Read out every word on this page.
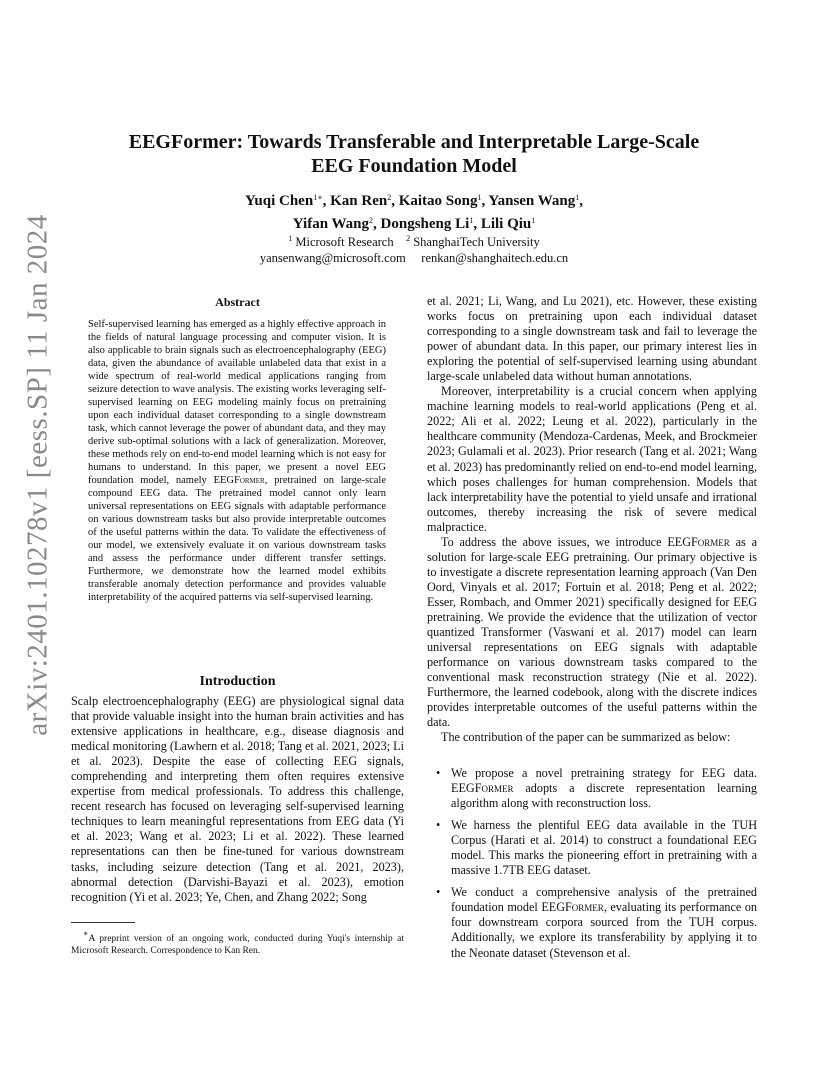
arXiv:2401.10278v1 [eess.SP] 11 Jan 2024
EEGFormer: Towards Transferable and Interpretable Large-Scale
EEG Foundation Model
Yuqi Chen$^{1∗}$, Kan Ren$^2$, Kaitao Song$^1$, Yansen Wang$^1$,
Yifan Wang$^2$, Dongsheng Li$^1$, Lili Qiu$^1$
$^1$ Microsoft Research $^2$ ShanghaiTech University
yansenwang@microsoft.com     renkan@shanghaitech.edu.cn
Abstract
Self-supervised learning has emerged as a highly effective approach in the fields of natural language processing and computer vision. It is also applicable to brain signals such as electroencephalography (EEG) data, given the abundance of available unlabeled data that exist in a wide spectrum of real-world medical applications ranging from seizure detection to wave analysis. The existing works leveraging self-supervised learning on EEG modeling mainly focus on pretraining upon each individual dataset corresponding to a single downstream task, which cannot leverage the power of abundant data, and they may derive sub-optimal solutions with a lack of generalization. Moreover, these methods rely on end-to-end model learning which is not easy for humans to understand. In this paper, we present a novel EEG foundation model, namely EEGFormer, pretrained on large-scale compound EEG data. The pretrained model cannot only learn universal representations on EEG signals with adaptable performance on various downstream tasks but also provide interpretable outcomes of the useful patterns within the data. To validate the effectiveness of our model, we extensively evaluate it on various downstream tasks and assess the performance under different transfer settings. Furthermore, we demonstrate how the learned model exhibits transferable anomaly detection performance and provides valuable interpretability of the acquired patterns via self-supervised learning.
Introduction
Scalp electroencephalography (EEG) are physiological signal data that provide valuable insight into the human brain activities and has extensive applications in healthcare, e.g., disease diagnosis and medical monitoring (Lawhern et al. 2018; Tang et al. 2021, 2023; Li et al. 2023). Despite the ease of collecting EEG signals, comprehending and interpreting them often requires extensive expertise from medical professionals. To address this challenge, recent research has focused on leveraging self-supervised learning techniques to learn meaningful representations from EEG data (Yi et al. 2023; Wang et al. 2023; Li et al. 2022). These learned representations can then be fine-tuned for various downstream tasks, including seizure detection (Tang et al. 2021, 2023), abnormal detection (Darvishi-Bayazi et al. 2023), emotion recognition (Yi et al. 2023; Ye, Chen, and Zhang 2022; Song
∗A preprint version of an ongoing work, conducted during Yuqi's internship at Microsoft Research. Correspondence to Kan Ren.

et al. 2021; Li, Wang, and Lu 2021), etc. However, these existing works focus on pretraining upon each individual dataset corresponding to a single downstream task and fail to leverage the power of abundant data. In this paper, our primary interest lies in exploring the potential of self-supervised learning using abundant large-scale unlabeled data without human annotations.

Moreover, interpretability is a crucial concern when applying machine learning models to real-world applications (Peng et al. 2022; Ali et al. 2022; Leung et al. 2022), particularly in the healthcare community (Mendoza-Cardenas, Meek, and Brockmeier 2023; Gulamali et al. 2023). Prior research (Tang et al. 2021; Wang et al. 2023) has predominantly relied on end-to-end model learning, which poses challenges for human comprehension. Models that lack interpretability have the potential to yield unsafe and irrational outcomes, thereby increasing the risk of severe medical malpractice.

To address the above issues, we introduce EEGFormer as a solution for large-scale EEG pretraining. Our primary objective is to investigate a discrete representation learning approach (Van Den Oord, Vinyals et al. 2017; Fortuin et al. 2018; Peng et al. 2022; Esser, Rombach, and Ommer 2021) specifically designed for EEG pretraining. We provide the evidence that the utilization of vector quantized Transformer (Vaswani et al. 2017) model can learn universal representations on EEG signals with adaptable performance on various downstream tasks compared to the conventional mask reconstruction strategy (Nie et al. 2022). Furthermore, the learned codebook, along with the discrete indices provides interpretable outcomes of the useful patterns within the data.

The contribution of the paper can be summarized as below:

• We propose a novel pretraining strategy for EEG data. EEGFormer adopts a discrete representation learning algorithm along with reconstruction loss.
• We harness the plentiful EEG data available in the TUH Corpus (Harati et al. 2014) to construct a foundational EEG model. This marks the pioneering effort in pretraining with a massive 1.7TB EEG dataset.
• We conduct a comprehensive analysis of the pretrained foundation model EEGFormer, evaluating its performance on four downstream corpora sourced from the TUH corpus. Additionally, we explore its transferability by applying it to the Neonate dataset (Stevenson et al.
